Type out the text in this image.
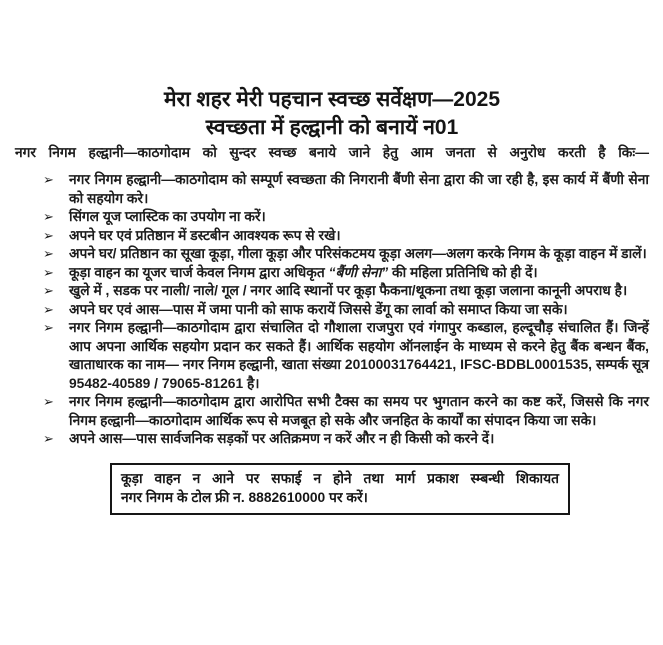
मेरा शहर मेरी पहचान स्वच्छ सर्वेक्षण—2025
स्वच्छता में हल्द्वानी को बनायें न01
नगर निगम हल्द्वानी—काठगोदाम को सुन्दर स्वच्छ बनाये जाने हेतु आम जनता से अनुरोध करती है किः—
➢ नगर निगम हल्द्वानी—काठगोदाम को सम्पूर्ण स्वच्छता की निगरानी बैंणी सेना द्वारा की जा रही है, इस कार्य में बैंणी सेना को सहयोग करे।
➢ सिंगल यूज प्लास्टिक का उपयोग ना करें।
➢ अपने घर एवं प्रतिष्ठान में डस्टबीन आवश्यक रूप से रखे।
➢ अपने घर/ प्रतिष्ठान का सूखा कूड़ा, गीला कूड़ा और परिसंकटमय कूड़ा अलग—अलग करके निगम के कूड़ा वाहन में डालें।
➢ कूड़ा वाहन का यूजर चार्ज केवल निगम द्वारा अधिकृत “बैंणी सेना” की महिला प्रतिनिधि को ही दें।
➢ खुले में , सडक पर नाली/ नाले/ गूल / नगर आदि स्थानों पर कूड़ा फैकना/थूकना तथा कूड़ा जलाना कानूनी अपराध है।
➢ अपने घर एवं आस—पास में जमा पानी को साफ करायें जिससे डेंगू का लार्वा को समाप्त किया जा सके।
➢ नगर निगम हल्द्वानी—काठगोदाम द्वारा संचालित दो गौशाला राजपुरा एवं गंगापुर कब्डाल, हल्दूचौड़ संचालित हैं। जिन्हें आप अपना आर्थिक सहयोग प्रदान कर सकते हैं। आर्थिक सहयोग ऑनलाईन के माध्यम से करने हेतु बैंक बन्धन बैंक, खाताधारक का नाम— नगर निगम हल्द्वानी, खाता संख्या 20100031764421, IFSC-BDBL0001535, सम्पर्क सूत्र 95482-40589 / 79065-81261 है।
➢ नगर निगम हल्द्वानी—काठगोदाम द्वारा आरोपित सभी टैक्स का समय पर भुगतान करने का कष्ट करें, जिससे कि नगर निगम हल्द्वानी—काठगोदाम आर्थिक रूप से मजबूत हो सके और जनहित के कार्यों का संपादन किया जा सके।
➢ अपने आस—पास सार्वजनिक सड़कों पर अतिक्रमण न करें और न ही किसी को करने दें।
कूड़ा वाहन न आने पर सफाई न होने तथा मार्ग प्रकाश स्म्बन्धी शिकायत
नगर निगम के टोल फ्री न. 8882610000 पर करें।
